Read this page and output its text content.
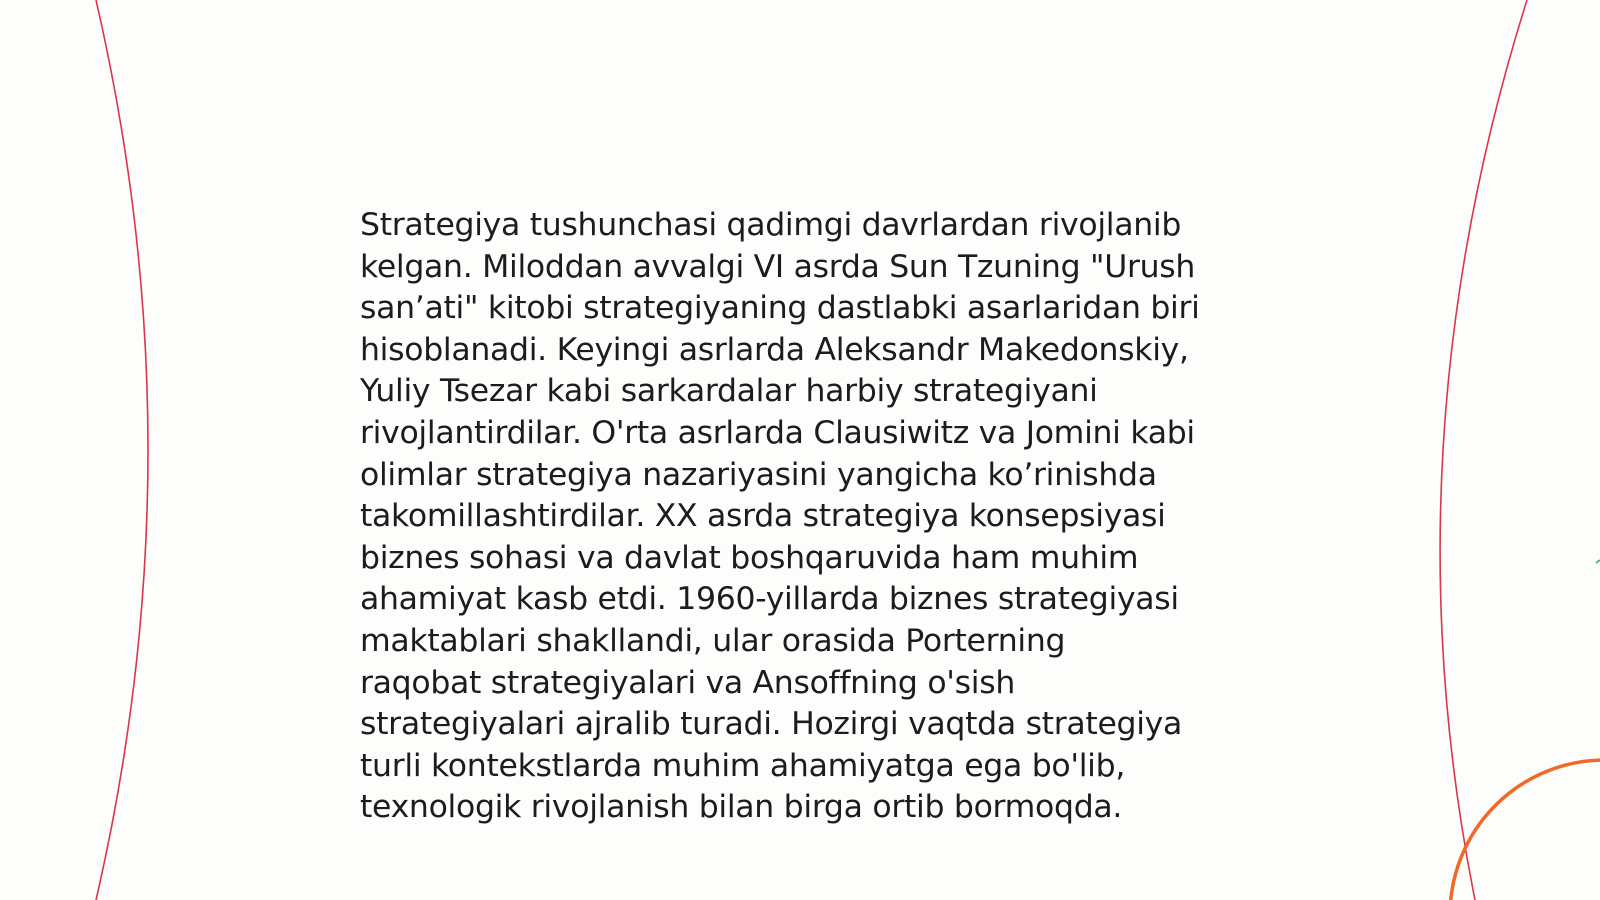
Strategiya tushunchasi qadimgi davrlardan rivojlanib
kelgan. Miloddan avvalgi VI asrda Sun Tzuning "Urush
san’ati" kitobi strategiyaning dastlabki asarlaridan biri
hisoblanadi. Keyingi asrlarda Aleksandr Makedonskiy,
Yuliy Tsezar kabi sarkardalar harbiy strategiyani
rivojlantirdilar. O'rta asrlarda Clausiwitz va Jomini kabi
olimlar strategiya nazariyasini yangicha ko’rinishda
takomillashtirdilar. XX asrda strategiya konsepsiyasi
biznes sohasi va davlat boshqaruvida ham muhim
ahamiyat kasb etdi. 1960-yillarda biznes strategiyasi
maktablari shakllandi, ular orasida Porterning
raqobat strategiyalari va Ansoffning o'sish
strategiyalari ajralib turadi. Hozirgi vaqtda strategiya
turli kontekstlarda muhim ahamiyatga ega bo'lib,
texnologik rivojlanish bilan birga ortib bormoqda.
